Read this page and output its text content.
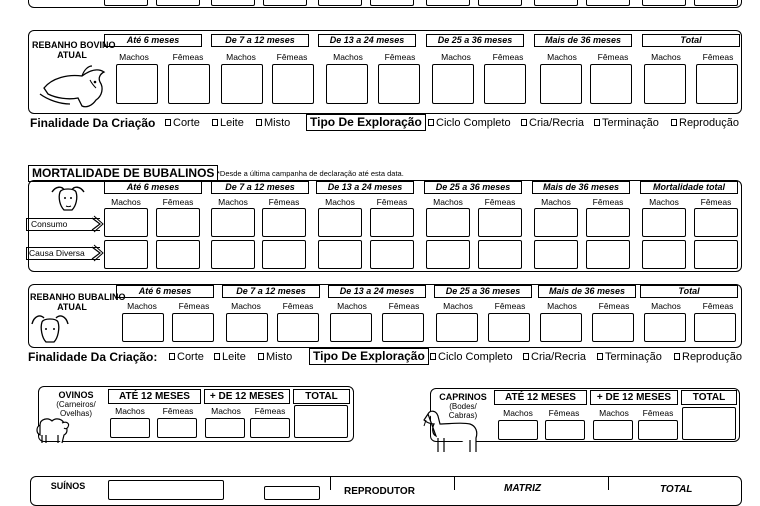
REBANHO BOVINO
ATUAL
Até 6 meses	De 7 a 12 meses	De 13 a 24 meses	De 25 a 36 meses	Mais de 36 meses	Total
Machos	Fêmeas	Machos	Fêmeas	Machos	Fêmeas	Machos	Fêmeas	Machos	Fêmeas	Machos	Fêmeas
Finalidade Da Criação	Corte	Leite	Misto	Tipo De Exploração	Ciclo Completo	Cria/Recria	Terminação	Reprodução
MORTALIDADE DE BUBALINOS *Desde a última campanha de declaração até esta data.
Até 6 meses	De 7 a 12 meses	De 13 a 24 meses	De 25 a 36 meses	Mais de 36 meses	Mortalidade total
Machos	Fêmeas	Machos	Fêmeas	Machos	Fêmeas	Machos	Fêmeas	Machos	Fêmeas	Machos	Fêmeas
Consumo
Causa Diversa
REBANHO BUBALINO
ATUAL
Até 6 meses	De 7 a 12 meses	De 13 a 24 meses	De 25 a 36 meses	Mais de 36 meses	Total
Machos	Fêmeas	Machos	Fêmeas	Machos	Fêmeas	Machos	Fêmeas	Machos	Fêmeas	Machos	Fêmeas
Finalidade Da Criação:	Corte	Leite	Misto	Tipo De Exploração	Ciclo Completo	Cria/Recria	Terminação	Reprodução
OVINOS
(Carneiros/
Ovelhas)
ATÉ 12 MESES	+ DE 12 MESES	TOTAL
Machos	Fêmeas	Machos	Fêmeas
CAPRINOS
(Bodes/
Cabras)
ATÉ 12 MESES	+ DE 12 MESES	TOTAL
Machos	Fêmeas	Machos	Fêmeas
SUÍNOS	REPRODUTOR	MATRIZ	TOTAL
